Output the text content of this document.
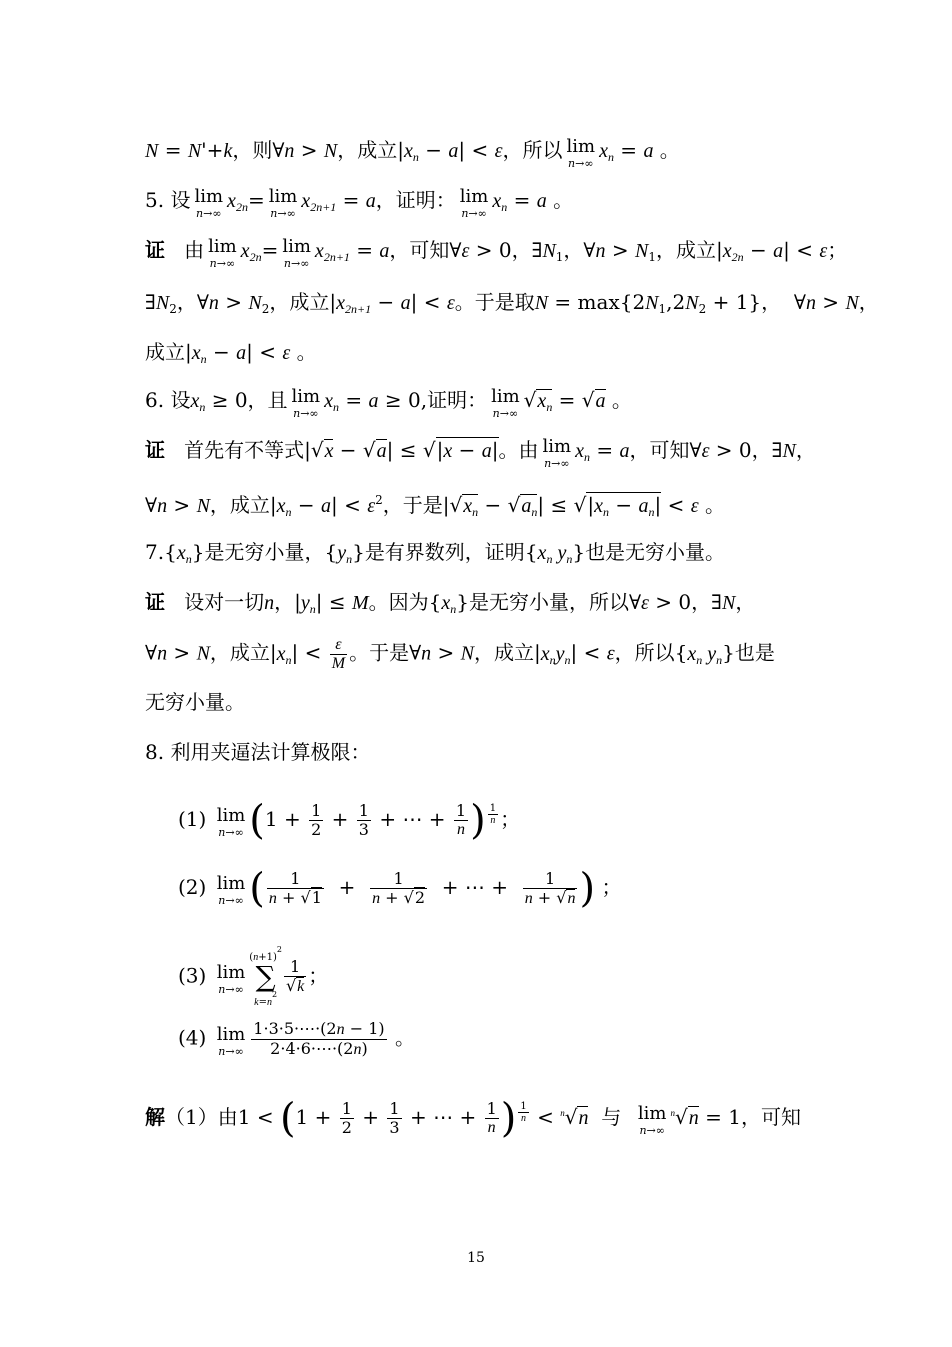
N = N'+k，则∀n > N，成立$|x_n - a| < \varepsilon$，所以 lim
n→∞
$x_n = a$ 。
5. 设 lim
n→∞
$x_{2n}= \lim$
n→∞
$x_{2n+1} = a$，证明： lim
n→∞
$x_n = a$ 。
证 由 lim
n→∞
$x_{2n}= \lim$
n→∞
$x_{2n+1} = a$，可知∀ε > 0，$\exists N_1$，∀n > $N_1$，成立$|x_{2n} - a| < \varepsilon$；
$\exists N_2$，∀n > $N_2$，成立$|x_{2n+1} - a| < \varepsilon$。于是取$N = \max\{2N_1,2N_2 + 1\}$，  ∀n > N，
成立$|x_n - a| < \varepsilon$ 。
6. 设$x_n \ge 0$，且 lim
n→∞
$x_n = a \ge 0$,证明： lim
n→∞
$√x_n = √a$ 。
证 首先有不等式|√x − √a| ≤ √|x − a|。由 lim
n→∞
$x_n = a$，可知∀ε > 0，∃N，
∀n > N，成立$|x_n - a| < \varepsilon^2$，于是$|√x_n - √a_n| \le √|x_n - a_n| < \varepsilon$ 。
$7.\{x_n\}$是无穷小量，$\{y_n\}$是有界数列，证明{$x_n$ $y_n$}也是无穷小量。
证 设对一切n，$|y_n| \le M$。因为$\{x_n\}$是无穷小量，所以∀ε > 0，∃N，
∀n > N，成立$|x_n| < \frac{\varepsilon}{M}$ 。于是∀n > N，成立$|x_ny_n| < \varepsilon$，所以{$x_n$ $y_n$}也是
无穷小量。
8. 利用夹逼法计算极限：
(1) lim
n→∞ ($1 + \frac{1}{2} + \frac{1}{3}$ + ⋯ + $\frac{1}{n}$ ) $^{\frac{1}{n}}$ ；
(2) lim
n→∞ ( $\frac{1}{n + √1} + \frac{1}{n + √2}$ + ⋯ + $\frac{1}{n + √n}$ ) ；
(3) lim
n→∞
$(n+1)^2$
∑
$k=n^2 \frac{1}{√k}$ ；
(4) lim
$n\to\infty \frac{1\cdot 3\cdot 5\cdot\cdots\cdot(2n - 1)}{2\cdot 4\cdot 6\cdot\cdots\cdot(2n)}$ 。
解（1）由$1 < (1 + \frac{1}{2} + \frac{1}{3}$ + ⋯ + $\frac{1}{n}$ ) $^{\frac{1}{n}}$ < $^n$√n 与 lim
n→∞
$^n$√n = 1，可知
15
